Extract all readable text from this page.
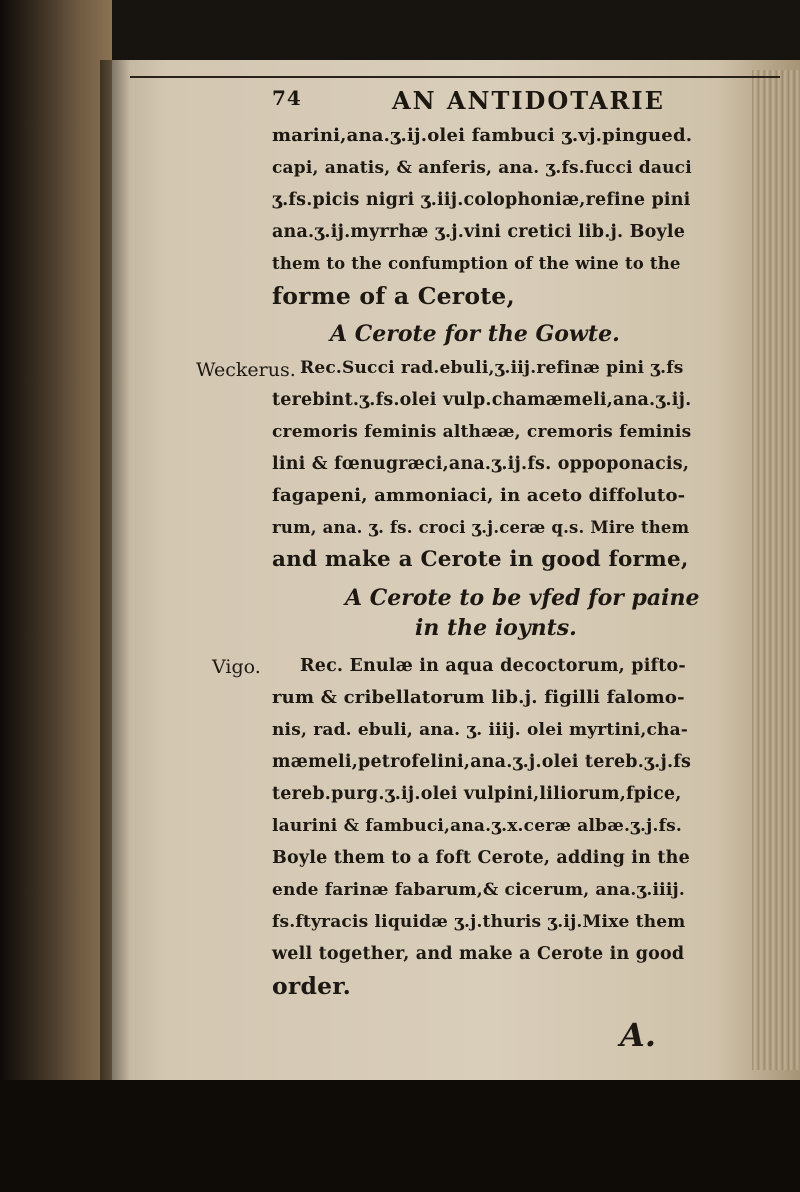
74	AN ANTIDOTARIE
marini,ana.ʒ.ij.olei fambuci ʒ.vj.pingued.
capi, anatis, & anferis, ana. ʒ.fs.fucci dauci
ʒ.fs.picis nigri ʒ.iij.colophoniæ,refine pini
ana.ʒ.ij.myrrhæ ʒ.j.vini cretici lib.j. Boyle
them to the confumption of the wine to the
forme of a Cerote,
A Cerote for the Gowte.
Weckerus. Rec.Succi rad.ebuli,ʒ.iij.refinæ pini ʒ.fs
terebint.ʒ.fs.olei vulp.chamæmeli,ana.ʒ.ij.
cremoris feminis althææ, cremoris feminis
lini & fœnugræci,ana.ʒ.ij.fs. oppoponacis,
fagapeni, ammoniaci, in aceto diffoluto-
rum, ana. ʒ. fs. croci ʒ.j.ceræ q.s. Mire them
and make a Cerote in good forme,
A Cerote to be vfed for paine
in the ioynts.
Vigo.	Rec. Enulæ in aqua decoctorum, pifto-
rum & cribellatorum lib.j. figilli falomo-
nis, rad. ebuli, ana. ʒ. iiij. olei myrtini,cha-
mæmeli,petrofelini,ana.ʒ.j.olei tereb.ʒ.j.fs
tereb.purg.ʒ.ij.olei vulpini,liliorum,fpice,
laurini & fambuci,ana.ʒ.x.ceræ albæ.ʒ.j.fs.
Boyle them to a foft Cerote, adding in the
ende farinæ fabarum,& cicerum, ana.ʒ.iiij.
fs.ftyracis liquidæ ʒ.j.thuris ʒ.ij.Mixe them
well together, and make a Cerote in good
order.
A.
